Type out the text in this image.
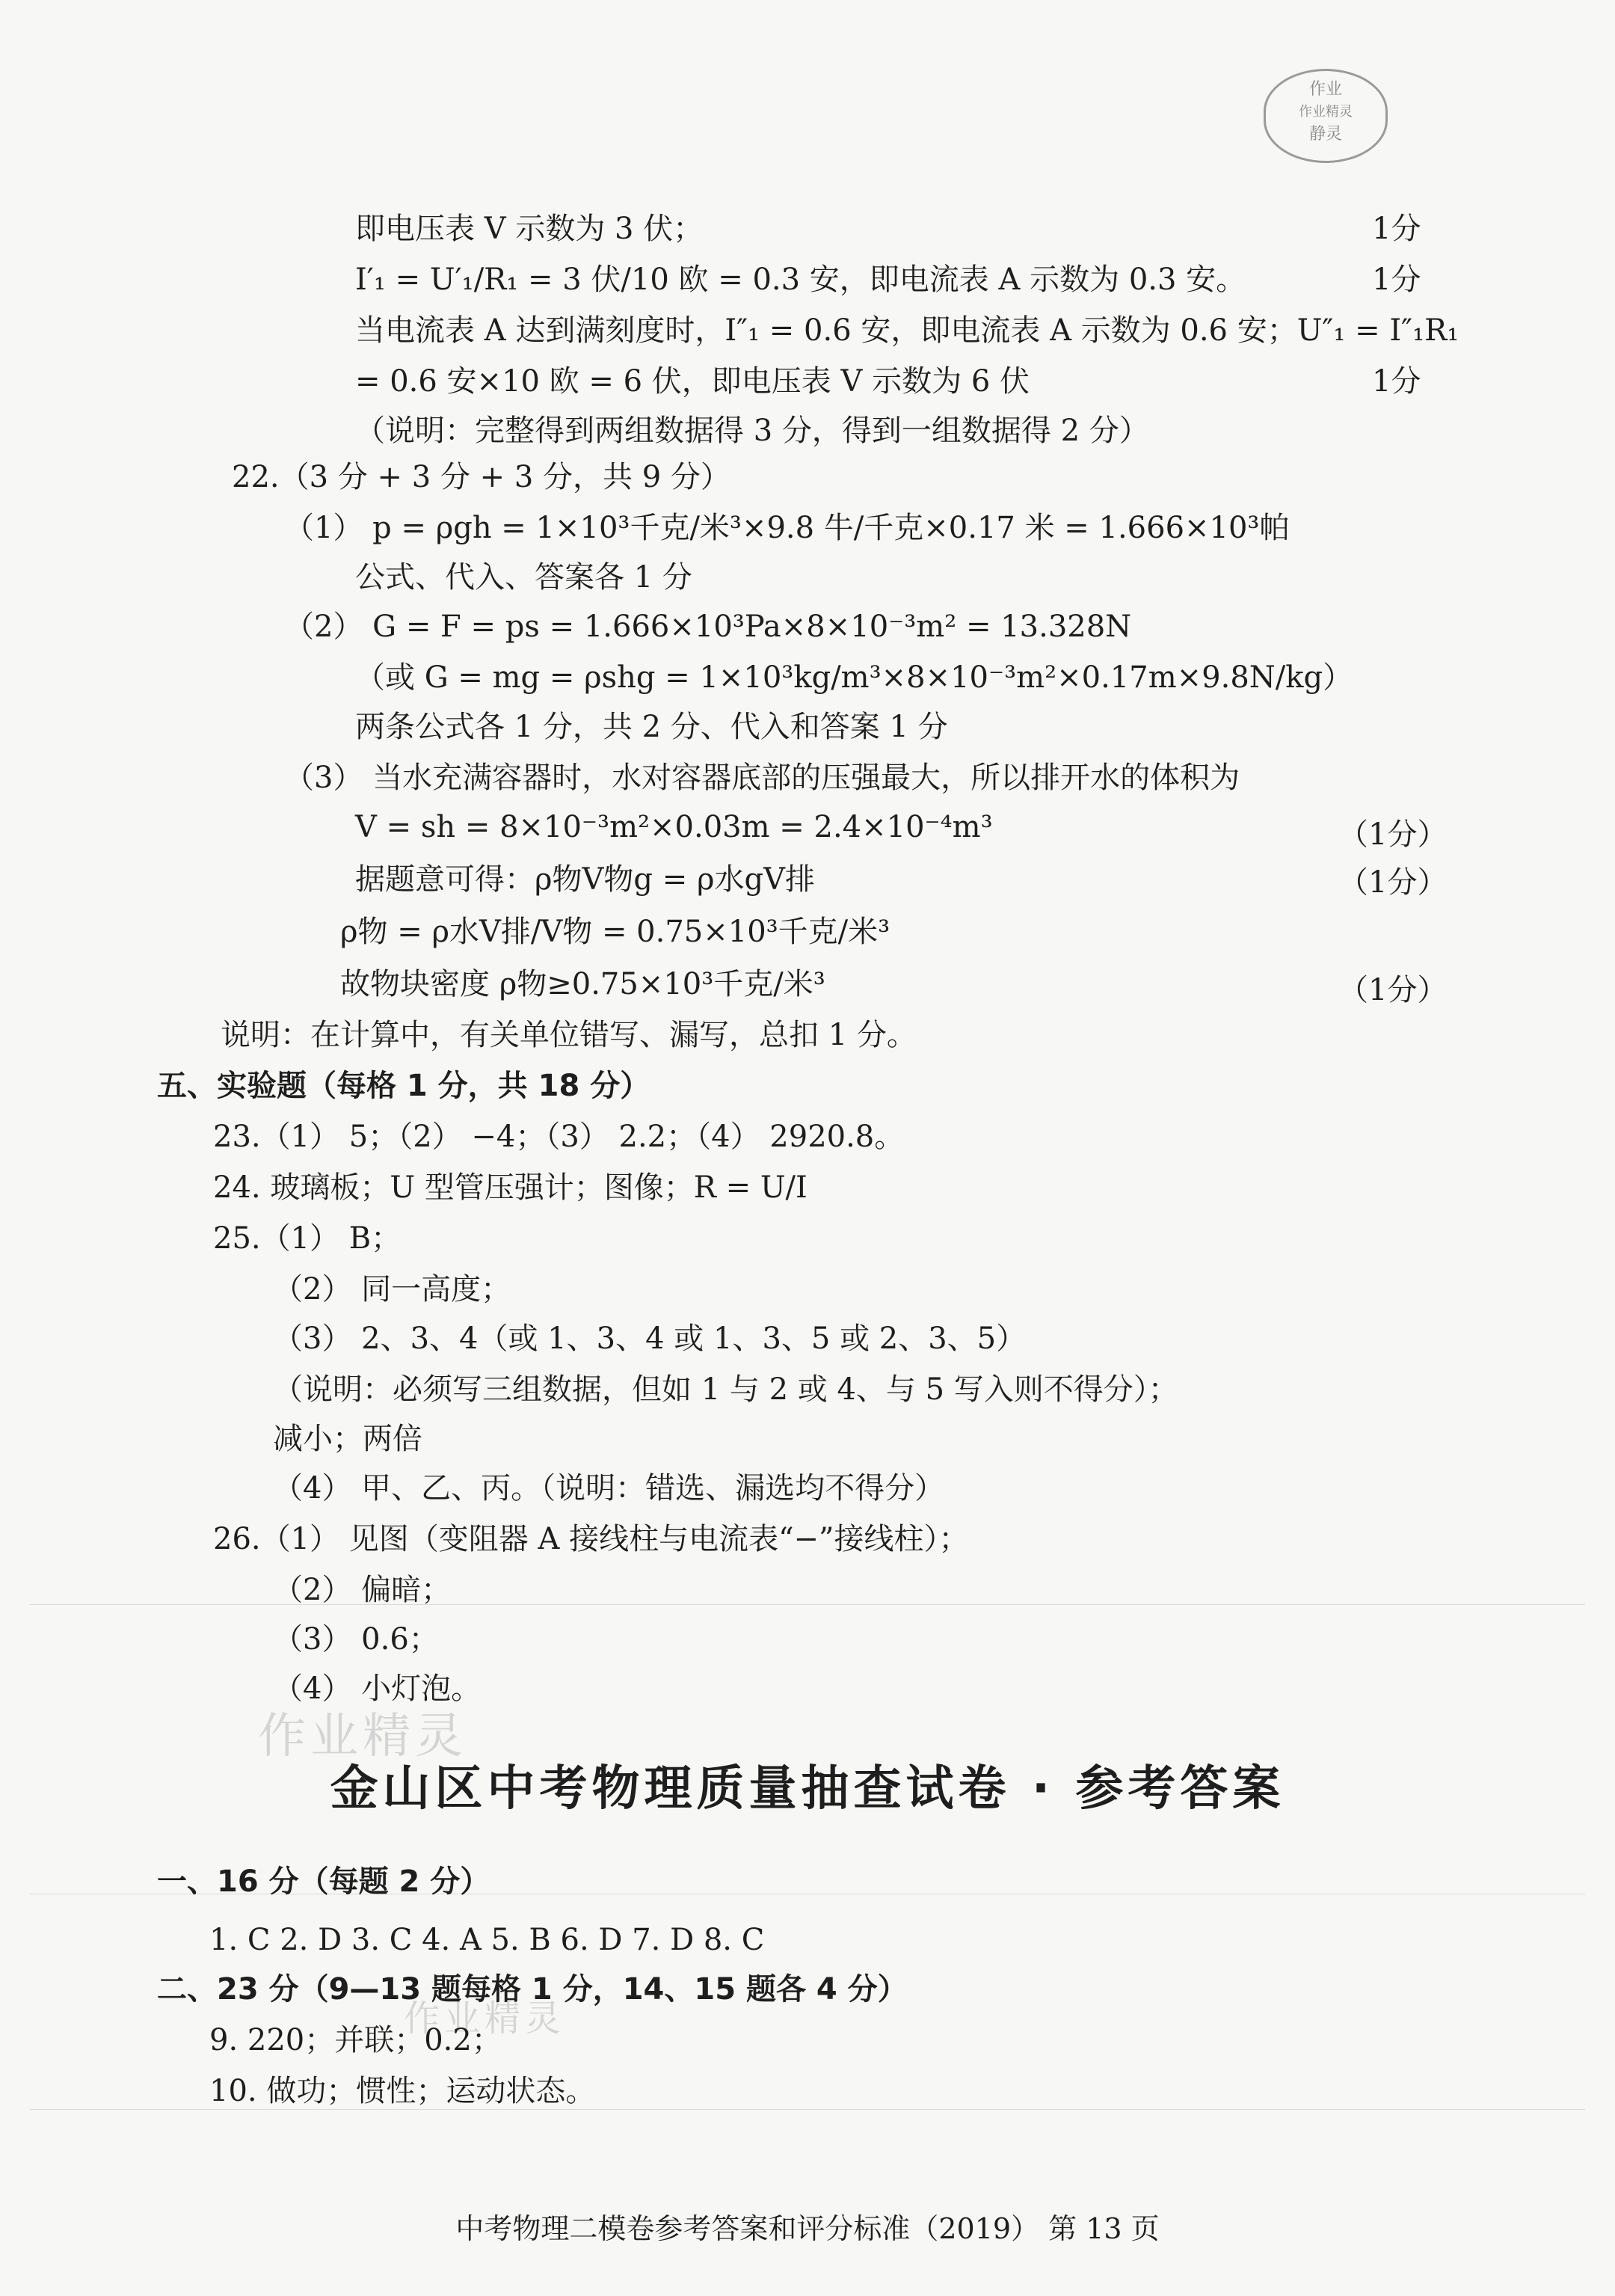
作业
作业精灵
静灵
作业精灵
作业精灵
即电压表 V 示数为 3 伏；	1分
I′₁ = U′₁/R₁ = 3 伏/10 欧 = 0.3 安，即电流表 A 示数为 0.3 安。	1分
当电流表 A 达到满刻度时，I″₁ = 0.6 安，即电流表 A 示数为 0.6 安；U″₁ = I″₁R₁
= 0.6 安×10 欧 = 6 伏，即电压表 V 示数为 6 伏	1分
（说明：完整得到两组数据得 3 分，得到一组数据得 2 分）
22.（3 分 + 3 分 + 3 分，共 9 分）
（1） p = ρgh = 1×10³千克/米³×9.8 牛/千克×0.17 米 = 1.666×10³帕
公式、代入、答案各 1 分
（2） G = F = ps = 1.666×10³Pa×8×10⁻³m² = 13.328N
（或 G = mg = ρshg = 1×10³kg/m³×8×10⁻³m²×0.17m×9.8N/kg）
两条公式各 1 分，共 2 分、代入和答案 1 分
（3） 当水充满容器时，水对容器底部的压强最大，所以排开水的体积为
V = sh = 8×10⁻³m²×0.03m = 2.4×10⁻⁴m³	（1分）
据题意可得：ρ物V物g = ρ水gV排	（1分）
ρ物 = ρ水V排/V物 = 0.75×10³千克/米³
故物块密度 ρ物≥0.75×10³千克/米³	（1分）
说明：在计算中，有关单位错写、漏写，总扣 1 分。
五、实验题（每格 1 分，共 18 分）
23.（1） 5；（2） −4；（3） 2.2；（4） 2920.8。
24. 玻璃板；U 型管压强计；图像；R = U/I
25.（1） B；
（2） 同一高度；
（3） 2、3、4（或 1、3、4 或 1、3、5 或 2、3、5）
（说明：必须写三组数据，但如 1 与 2 或 4、与 5 写入则不得分）；
减小；两倍
（4） 甲、乙、丙。（说明：错选、漏选均不得分）
26.（1） 见图（变阻器 A 接线柱与电流表“−”接线柱）；
（2） 偏暗；
（3） 0.6；
（4） 小灯泡。
金山区中考物理质量抽查试卷 · 参考答案
一、16 分（每题 2 分）
1. C 2. D 3. C 4. A 5. B 6. D 7. D 8. C
二、23 分（9—13 题每格 1 分，14、15 题各 4 分）
9. 220；并联；0.2；
10. 做功；惯性；运动状态。
中考物理二模卷参考答案和评分标准（2019） 第 13 页
